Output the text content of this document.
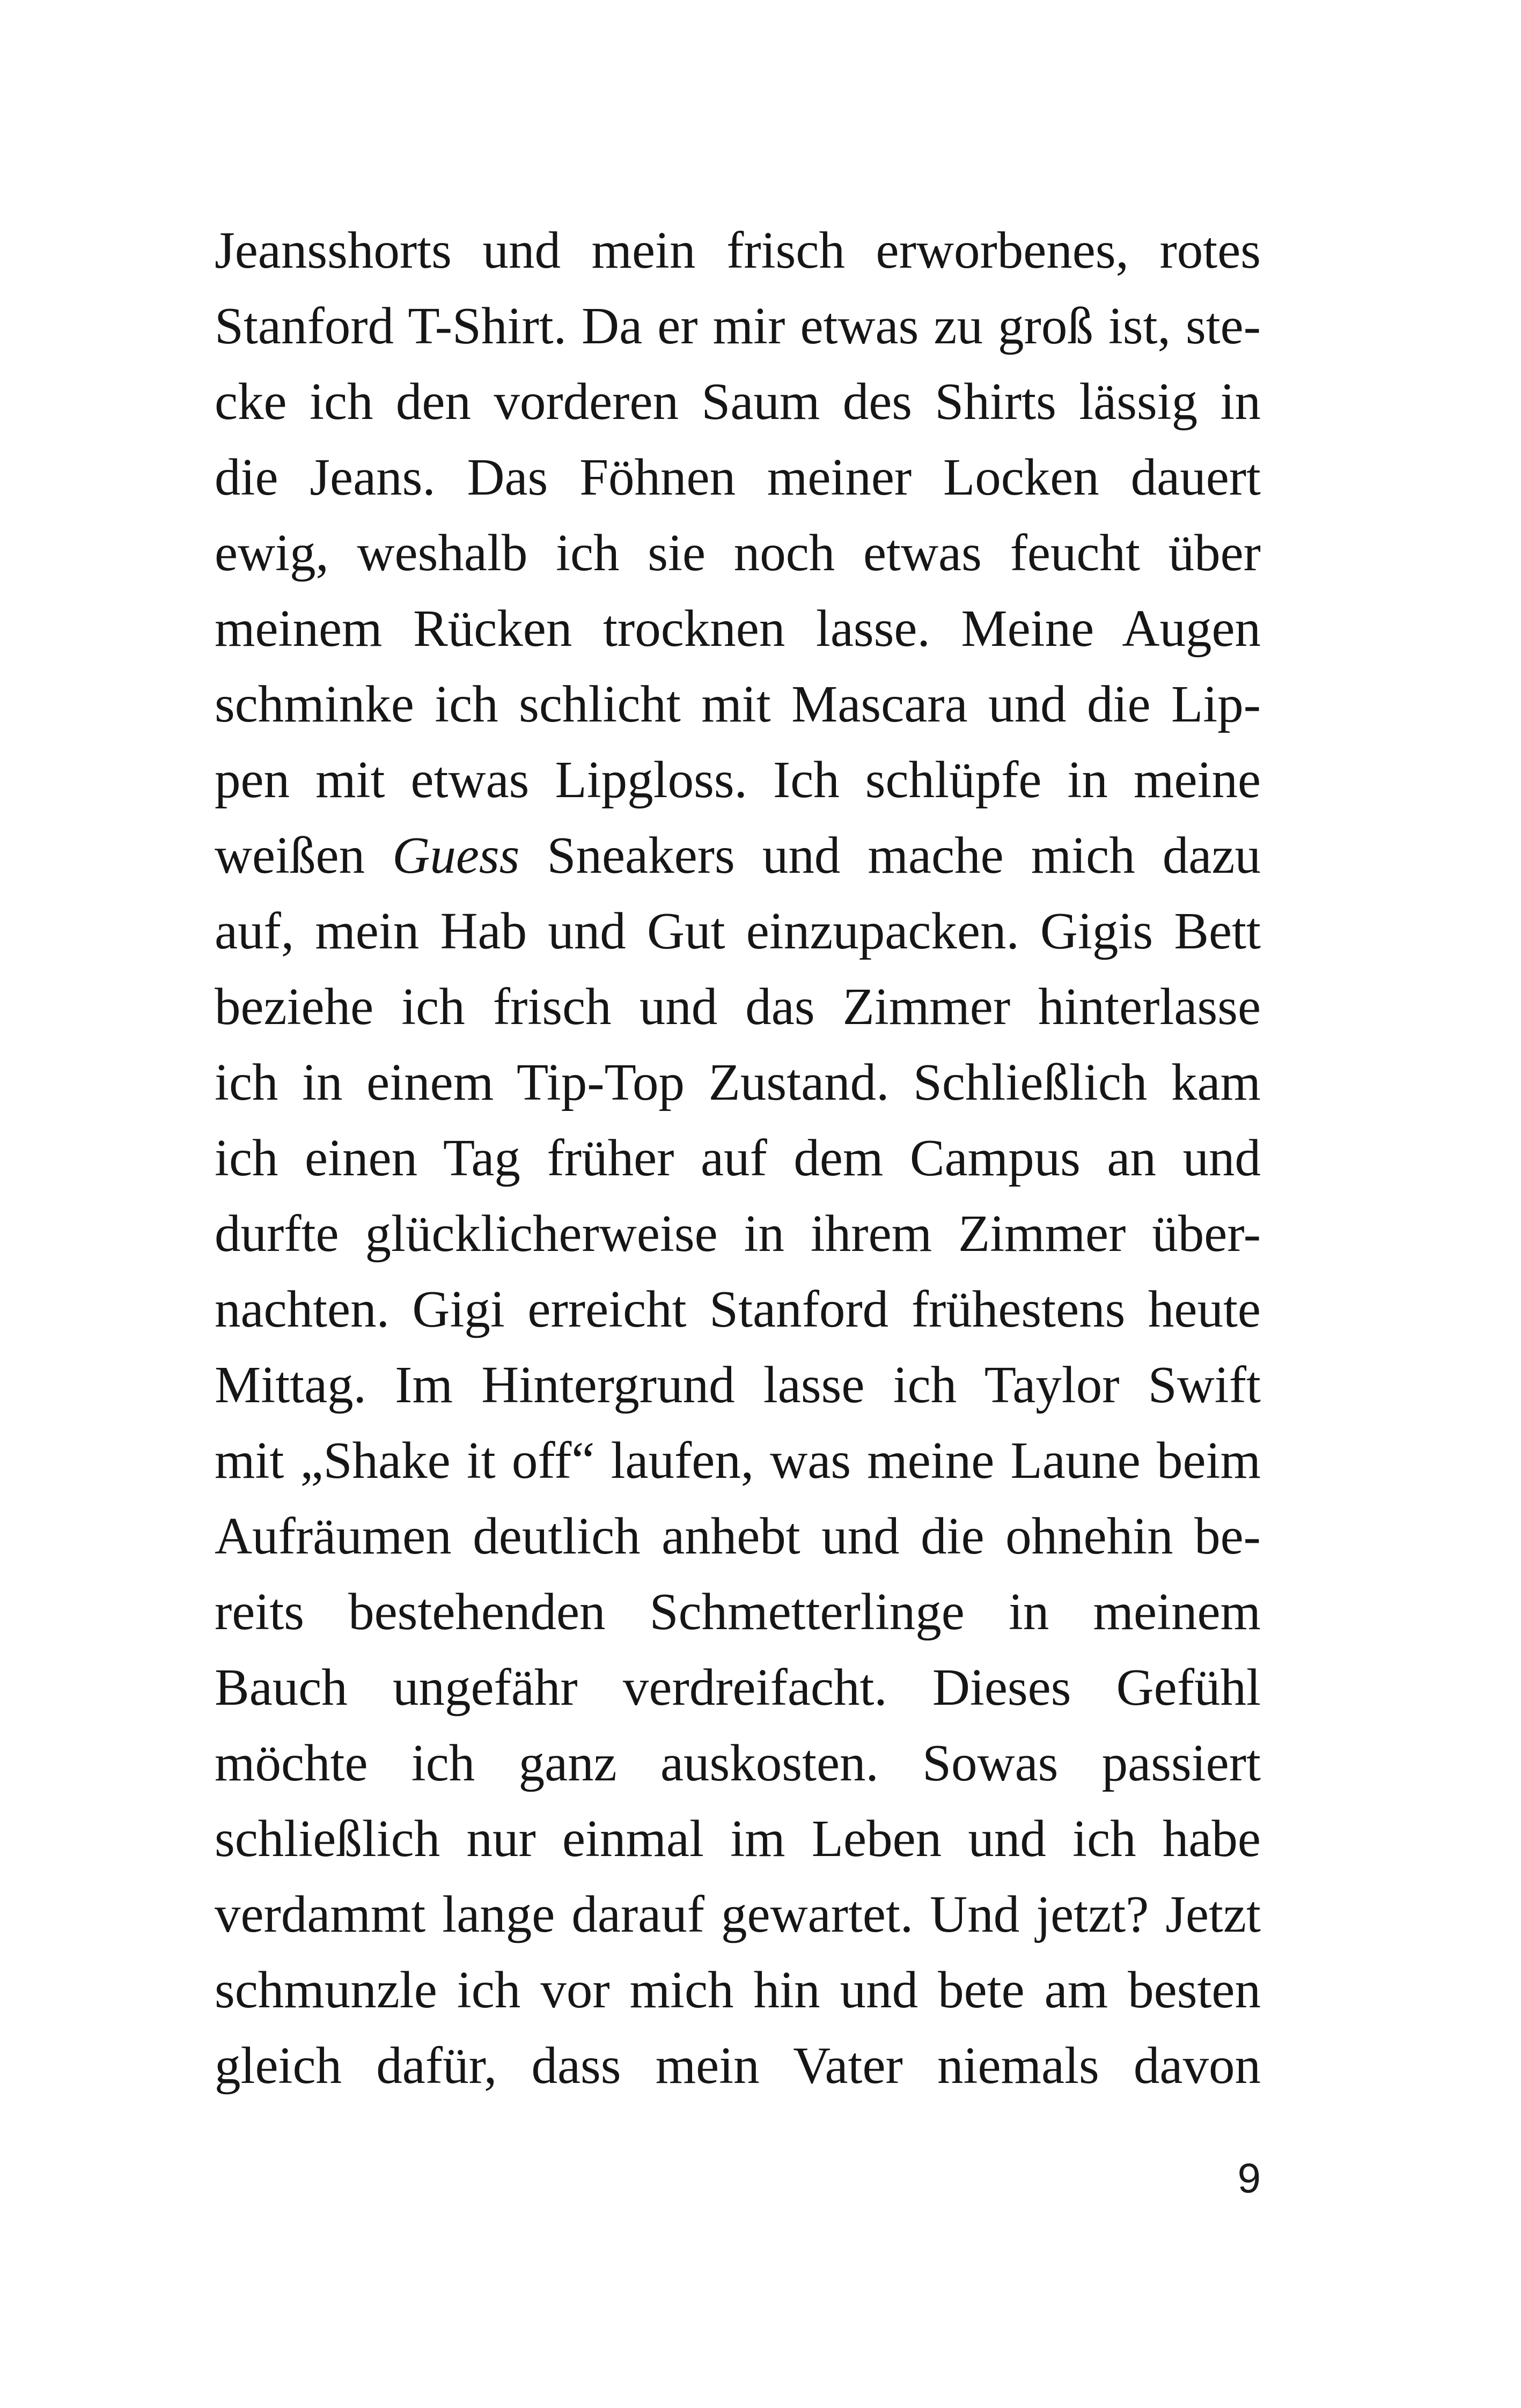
Jeansshorts und mein frisch erworbenes, rotes
Stanford T-Shirt. Da er mir etwas zu groß ist, ste-
cke ich den vorderen Saum des Shirts lässig in
die Jeans. Das Föhnen meiner Locken dauert
ewig, weshalb ich sie noch etwas feucht über
meinem Rücken trocknen lasse. Meine Augen
schminke ich schlicht mit Mascara und die Lip-
pen mit etwas Lipgloss. Ich schlüpfe in meine
weißen Guess Sneakers und mache mich dazu
auf, mein Hab und Gut einzupacken. Gigis Bett
beziehe ich frisch und das Zimmer hinterlasse
ich in einem Tip-Top Zustand. Schließlich kam
ich einen Tag früher auf dem Campus an und
durfte glücklicherweise in ihrem Zimmer über-
nachten. Gigi erreicht Stanford frühestens heute
Mittag. Im Hintergrund lasse ich Taylor Swift
mit „Shake it off“ laufen, was meine Laune beim
Aufräumen deutlich anhebt und die ohnehin be-
reits bestehenden Schmetterlinge in meinem
Bauch ungefähr verdreifacht. Dieses Gefühl
möchte ich ganz auskosten. Sowas passiert
schließlich nur einmal im Leben und ich habe
verdammt lange darauf gewartet. Und jetzt? Jetzt
schmunzle ich vor mich hin und bete am besten
gleich dafür, dass mein Vater niemals davon
9
